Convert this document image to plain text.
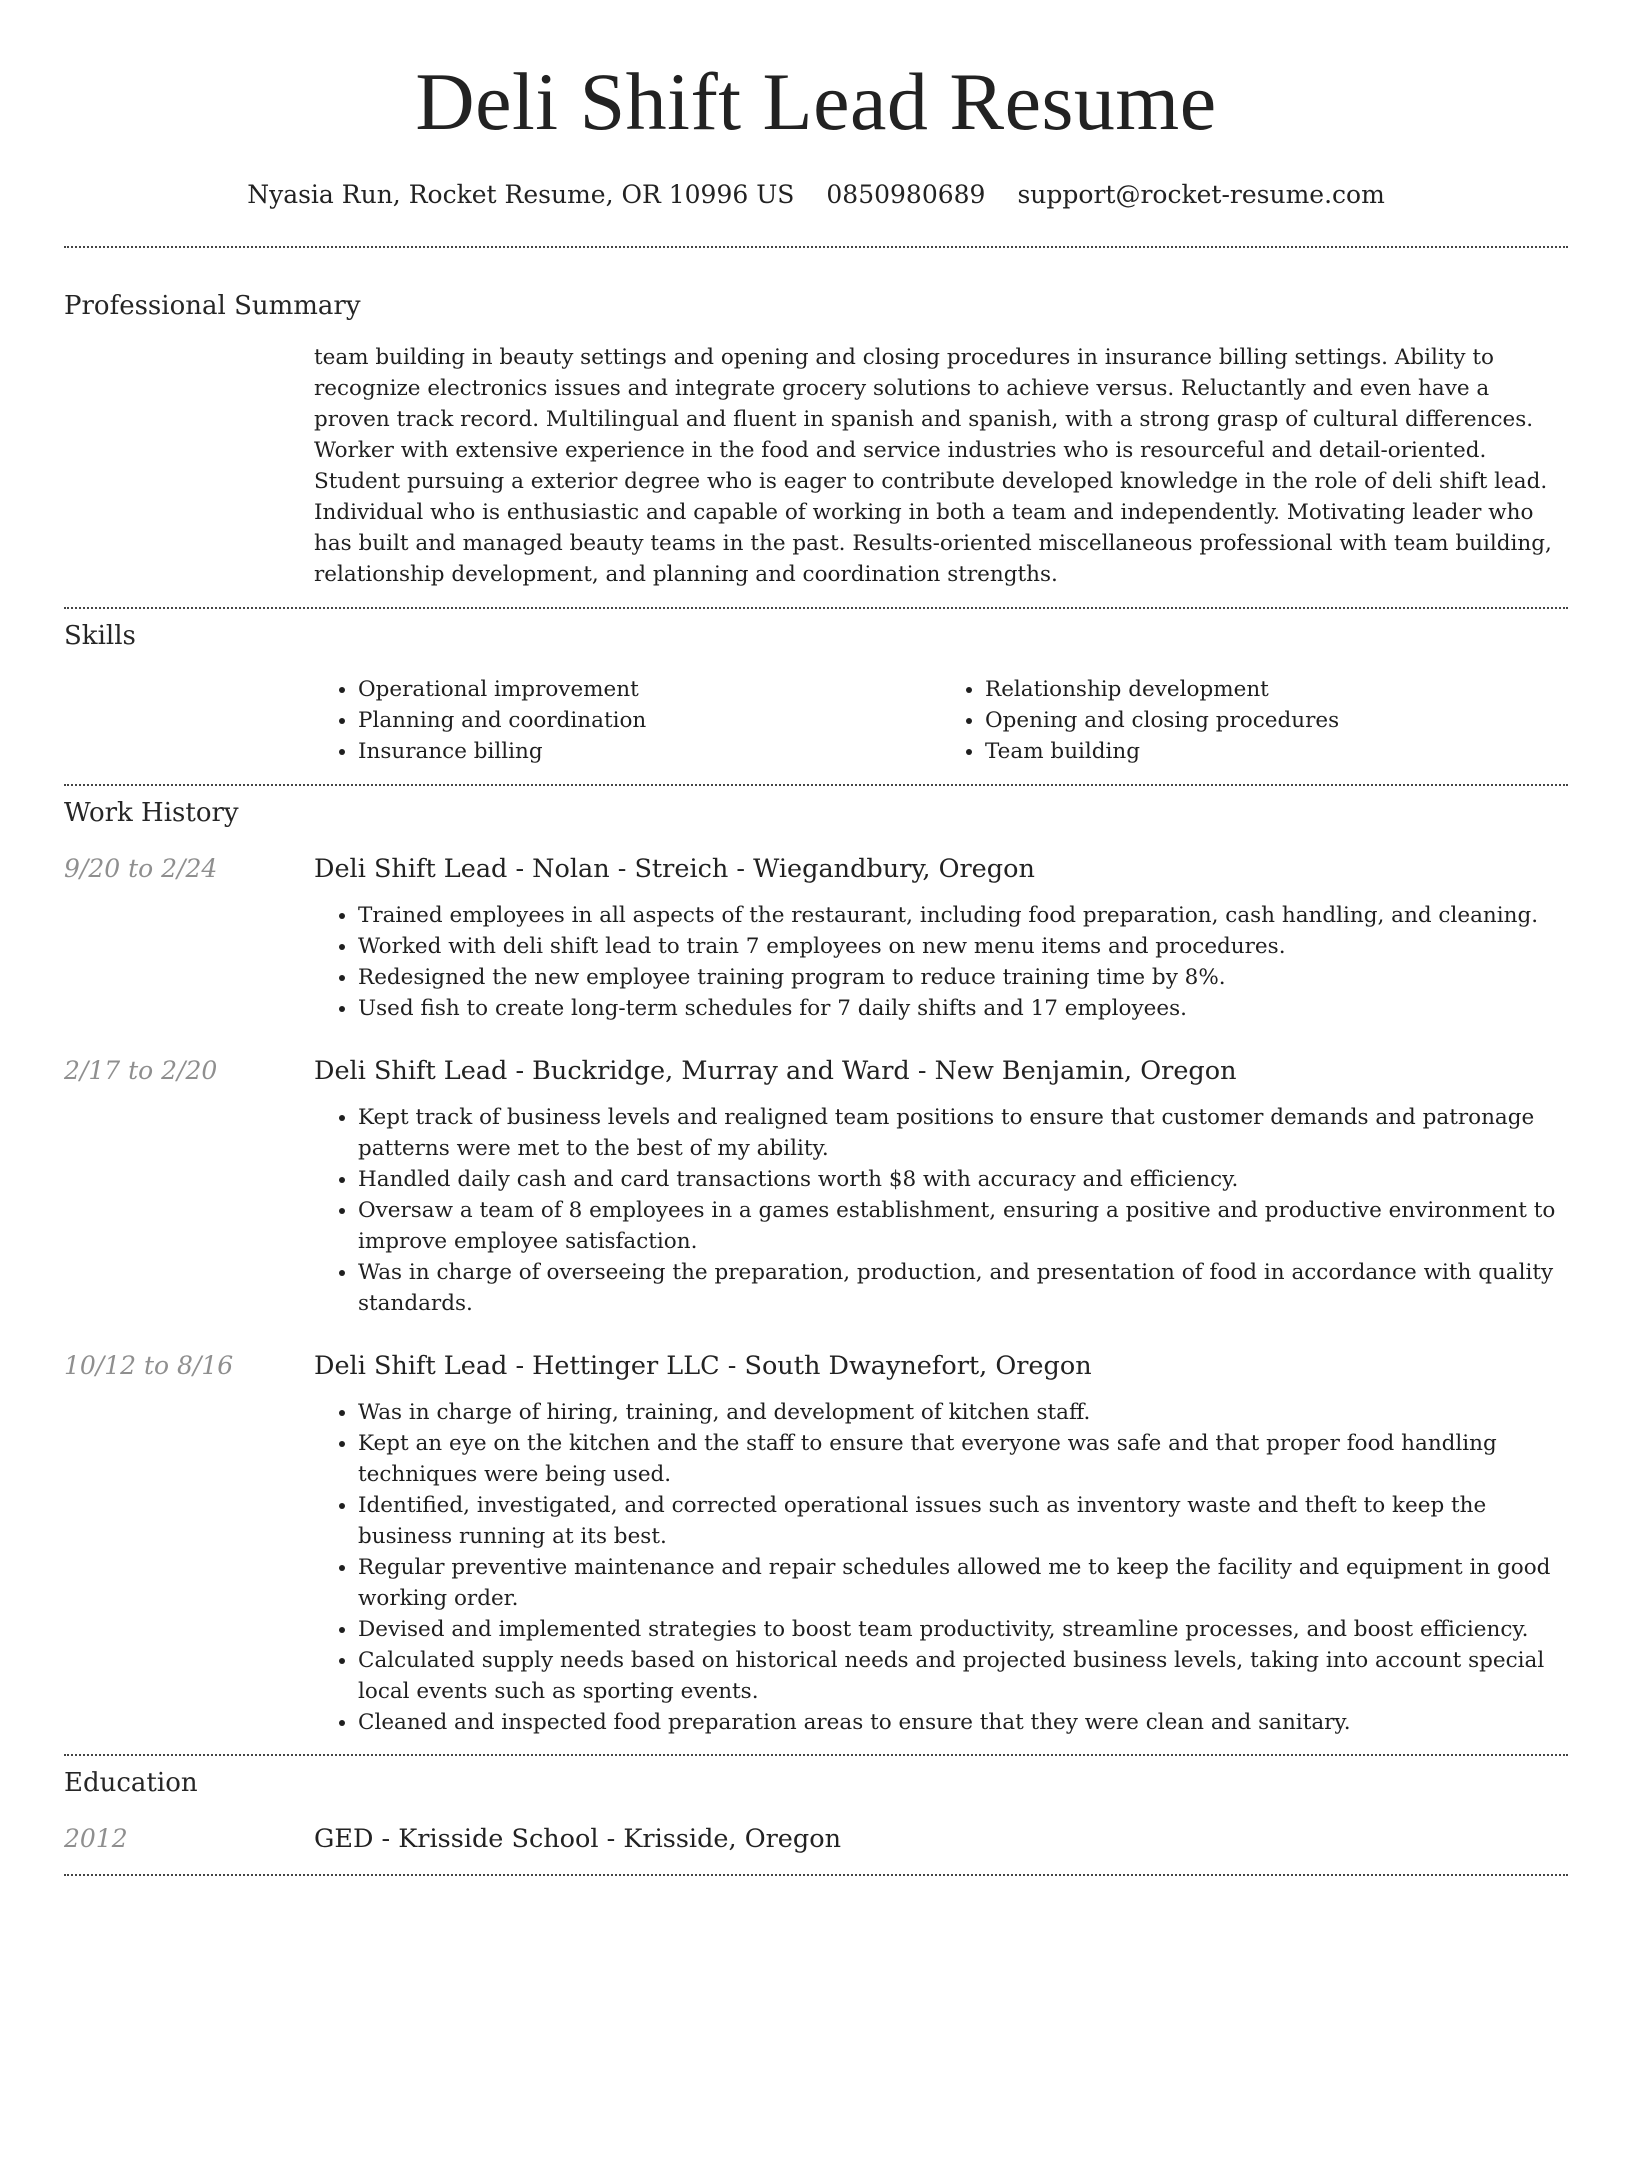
Deli Shift Lead Resume
Nyasia Run, Rocket Resume, OR 10996 US 0850980689 support@rocket-resume.com
Professional Summary

team building in beauty settings and opening and closing procedures in insurance billing settings. Ability to recognize electronics issues and integrate grocery solutions to achieve versus. Reluctantly and even have a proven track record. Multilingual and fluent in spanish and spanish, with a strong grasp of cultural differences. Worker with extensive experience in the food and service industries who is resourceful and detail-oriented. Student pursuing a exterior degree who is eager to contribute developed knowledge in the role of deli shift lead. Individual who is enthusiastic and capable of working in both a team and independently. Motivating leader who has built and managed beauty teams in the past. Results-oriented miscellaneous professional with team building, relationship development, and planning and coordination strengths.

Skills
• Operational improvement
• Planning and coordination
• Insurance billing
• Relationship development
• Opening and closing procedures
• Team building
Work History
9/20 to 2/24	Deli Shift Lead - Nolan - Streich - Wiegandbury, Oregon
• Trained employees in all aspects of the restaurant, including food preparation, cash handling, and cleaning.
• Worked with deli shift lead to train 7 employees on new menu items and procedures.
• Redesigned the new employee training program to reduce training time by 8%.
• Used fish to create long-term schedules for 7 daily shifts and 17 employees.
2/17 to 2/20	Deli Shift Lead - Buckridge, Murray and Ward - New Benjamin, Oregon
• Kept track of business levels and realigned team positions to ensure that customer demands and patronage patterns were met to the best of my ability.
• Handled daily cash and card transactions worth $8 with accuracy and efficiency.
• Oversaw a team of 8 employees in a games establishment, ensuring a positive and productive environment to improve employee satisfaction.
• Was in charge of overseeing the preparation, production, and presentation of food in accordance with quality standards.
10/12 to 8/16	Deli Shift Lead - Hettinger LLC - South Dwaynefort, Oregon
• Was in charge of hiring, training, and development of kitchen staff.
• Kept an eye on the kitchen and the staff to ensure that everyone was safe and that proper food handling techniques were being used.
• Identified, investigated, and corrected operational issues such as inventory waste and theft to keep the business running at its best.
• Regular preventive maintenance and repair schedules allowed me to keep the facility and equipment in good working order.
• Devised and implemented strategies to boost team productivity, streamline processes, and boost efficiency.
• Calculated supply needs based on historical needs and projected business levels, taking into account special local events such as sporting events.
• Cleaned and inspected food preparation areas to ensure that they were clean and sanitary.
Education
2012	GED - Krisside School - Krisside, Oregon
